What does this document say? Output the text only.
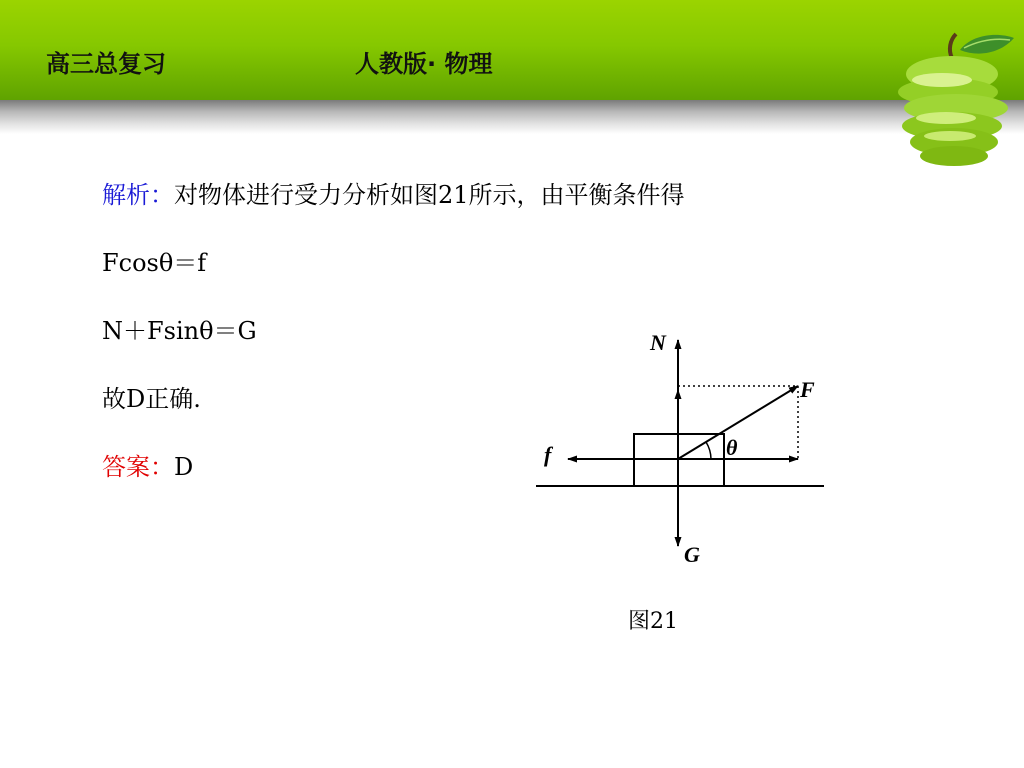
高三总复习	人教版· 物理
解析：对物体进行受力分析如图21所示，由平衡条件得
Fcosθ＝f
N＋Fsinθ＝G
故D正确.
答案：D
N
F
f
G
θ
图21
